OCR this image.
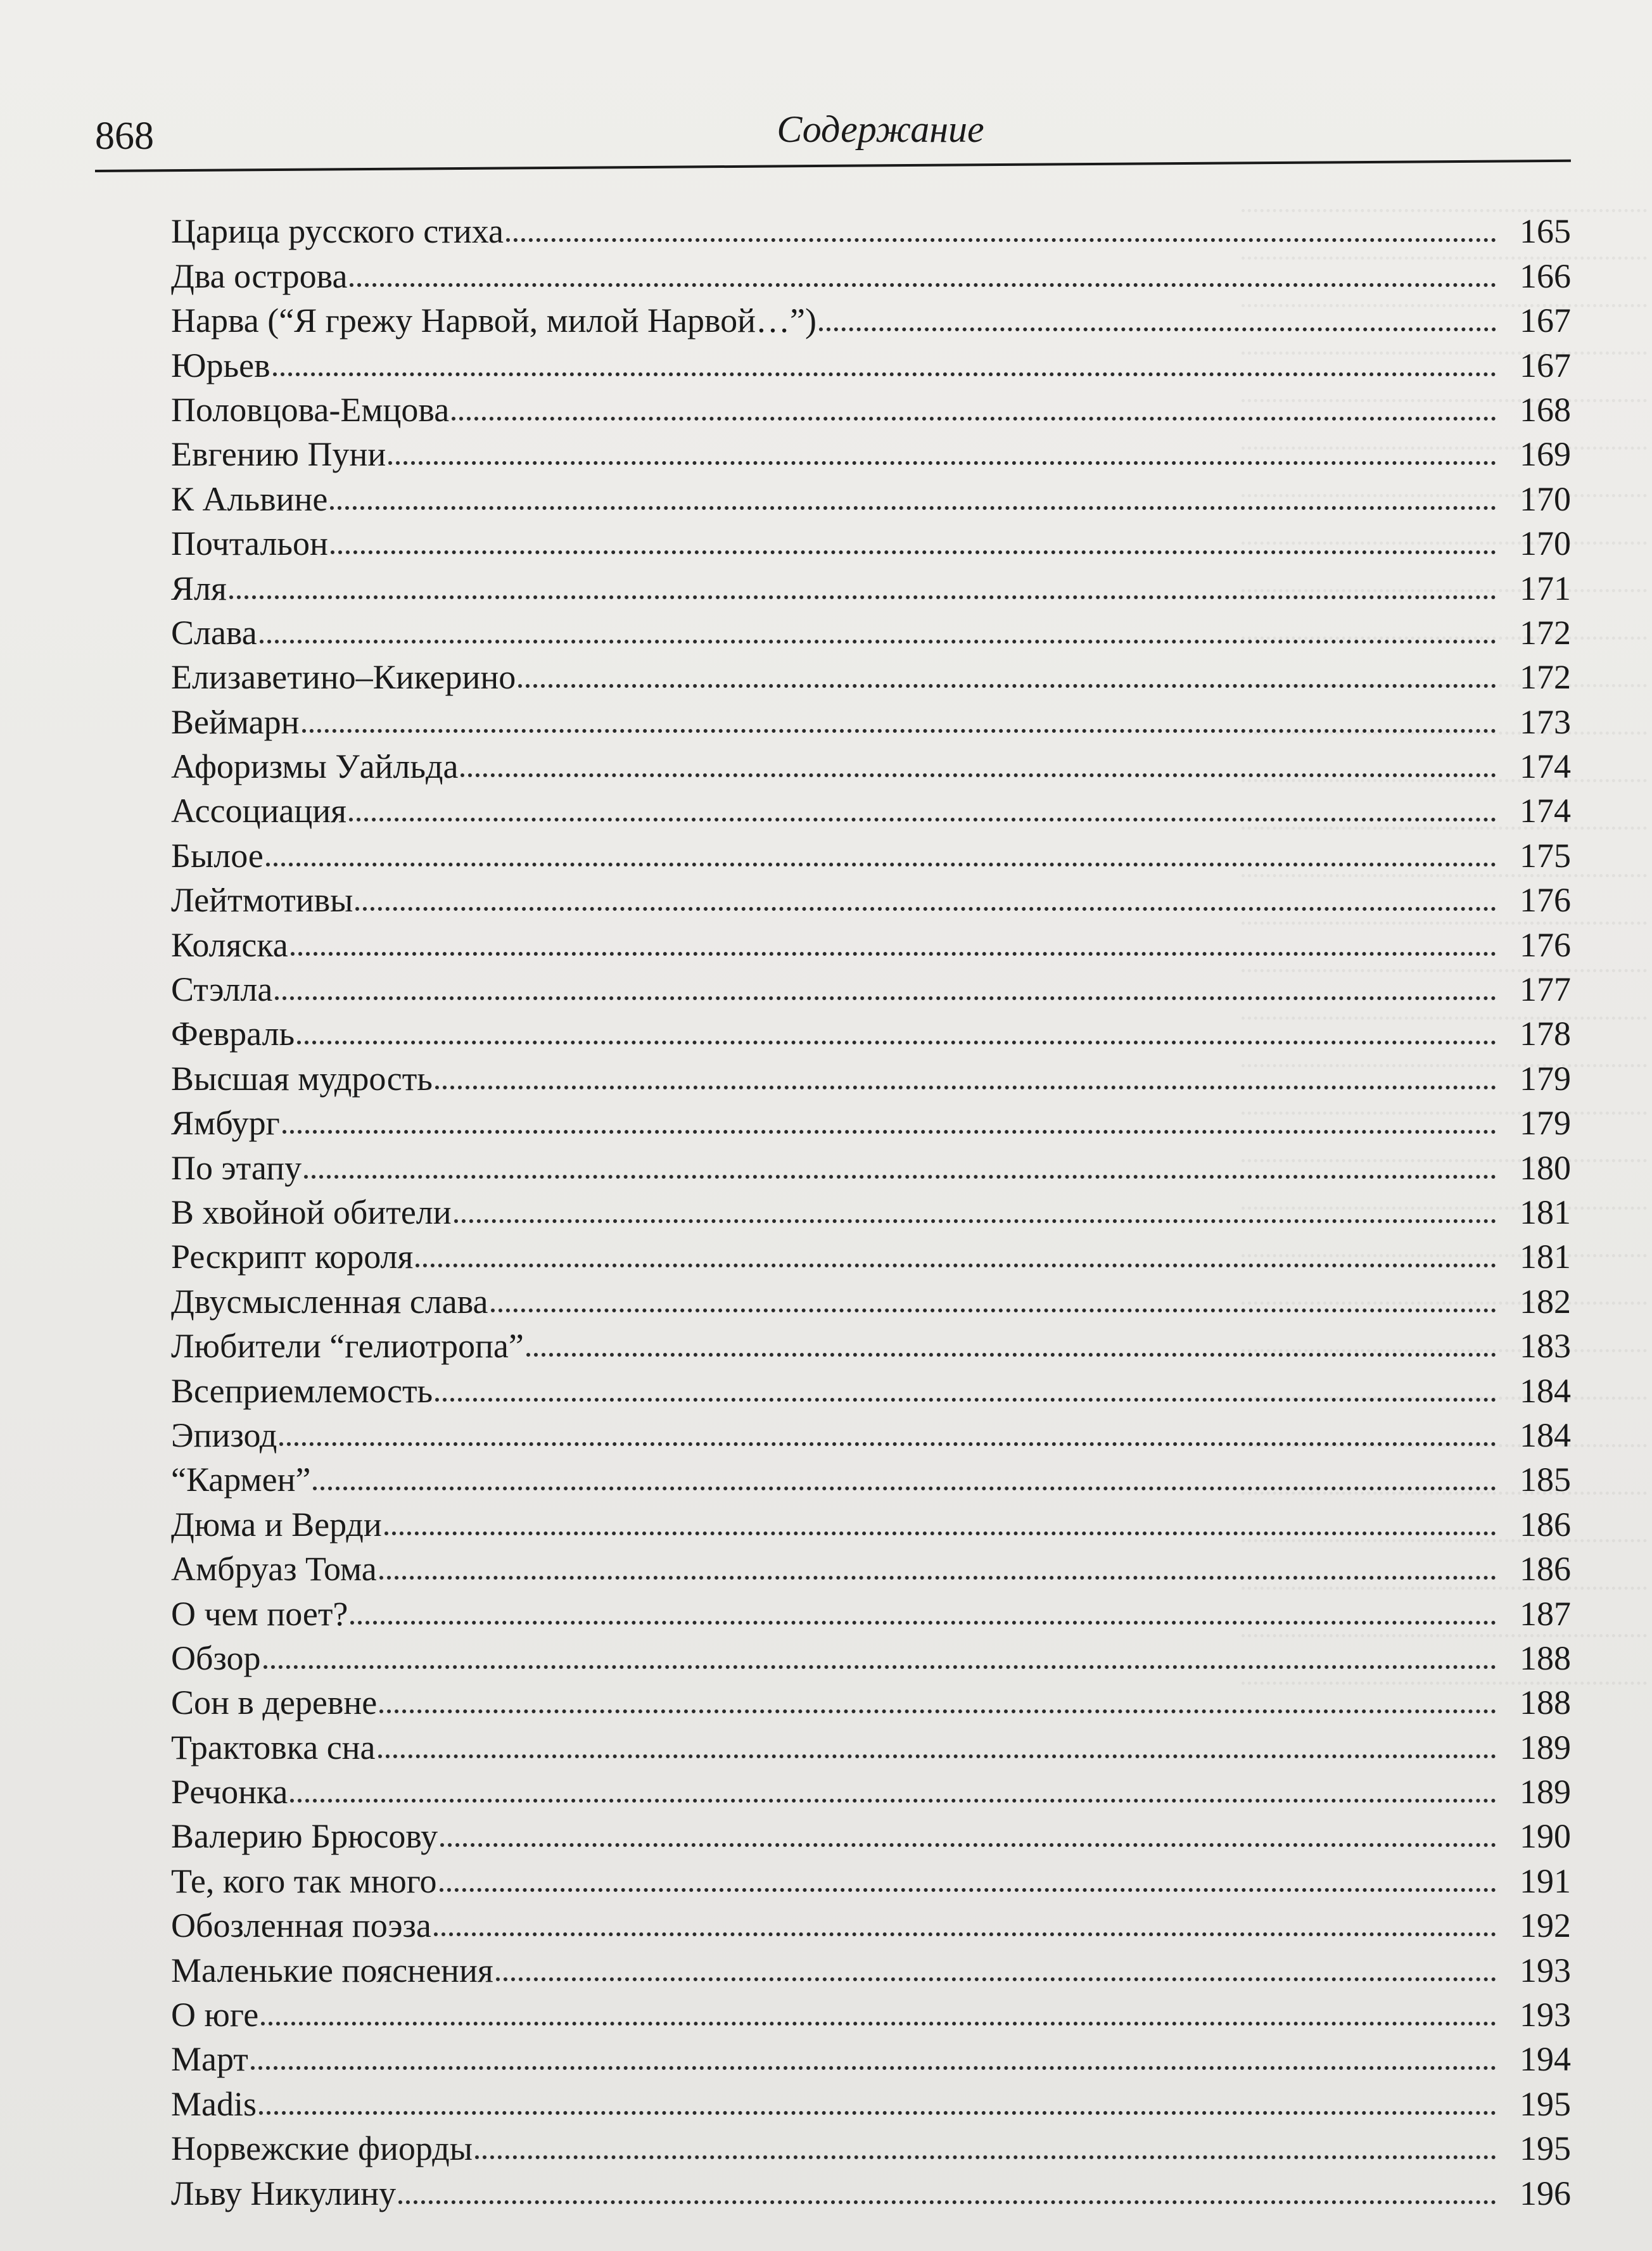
868	Содержание
Царица русского стиха	165
Два острова	166
Нарва (“Я грежу Нарвой, милой Нарвой…”)	167
Юрьев	167
Половцова-Емцова	168
Евгению Пуни	169
К Альвине	170
Почтальон	170
Яля	171
Слава	172
Елизаветино–Кикерино	172
Веймарн	173
Афоризмы Уайльда	174
Ассоциация	174
Былое	175
Лейтмотивы	176
Коляска	176
Стэлла	177
Февраль	178
Высшая мудрость	179
Ямбург	179
По этапу	180
В хвойной обители	181
Рескрипт короля	181
Двусмысленная слава	182
Любители “гелиотропа”	183
Всеприемлемость	184
Эпизод	184
“Кармен”	185
Дюма и Верди	186
Амбруаз Тома	186
О чем поет?	187
Обзор	188
Сон в деревне	188
Трактовка сна	189
Речонка	189
Валерию Брюсову	190
Те, кого так много	191
Обозленная поэза	192
Маленькие пояснения	193
О юге	193
Март	194
Madis	195
Норвежские фиорды	195
Льву Никулину	196
